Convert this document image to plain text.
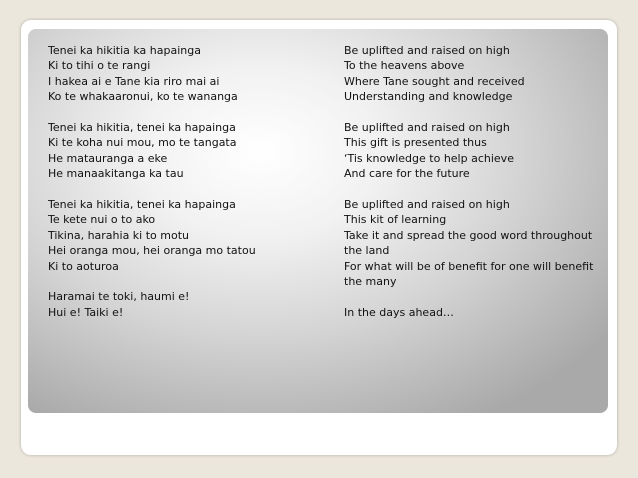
Tenei ka hikitia ka hapainga
Ki to tihi o te rangi
I hakea ai e Tane kia riro mai ai
Ko te whakaaronui, ko te wananga
Tenei ka hikitia, tenei ka hapainga
Ki te koha nui mou, mo te tangata
He matauranga a eke
He manaakitanga ka tau
Tenei ka hikitia, tenei ka hapainga
Te kete nui o to ako
Tikina, harahia ki to motu
Hei oranga mou, hei oranga mo tatou
Ki to aoturoa
Haramai te toki, haumi e!
Hui e! Taiki e!
Be uplifted and raised on high
To the heavens above
Where Tane sought and received
Understanding and knowledge
Be uplifted and raised on high
This gift is presented thus
‘Tis knowledge to help achieve
And care for the future
Be uplifted and raised on high
This kit of learning
Take it and spread the good word throughout the land
For what will be of benefit for one will benefit the many
In the days ahead…
